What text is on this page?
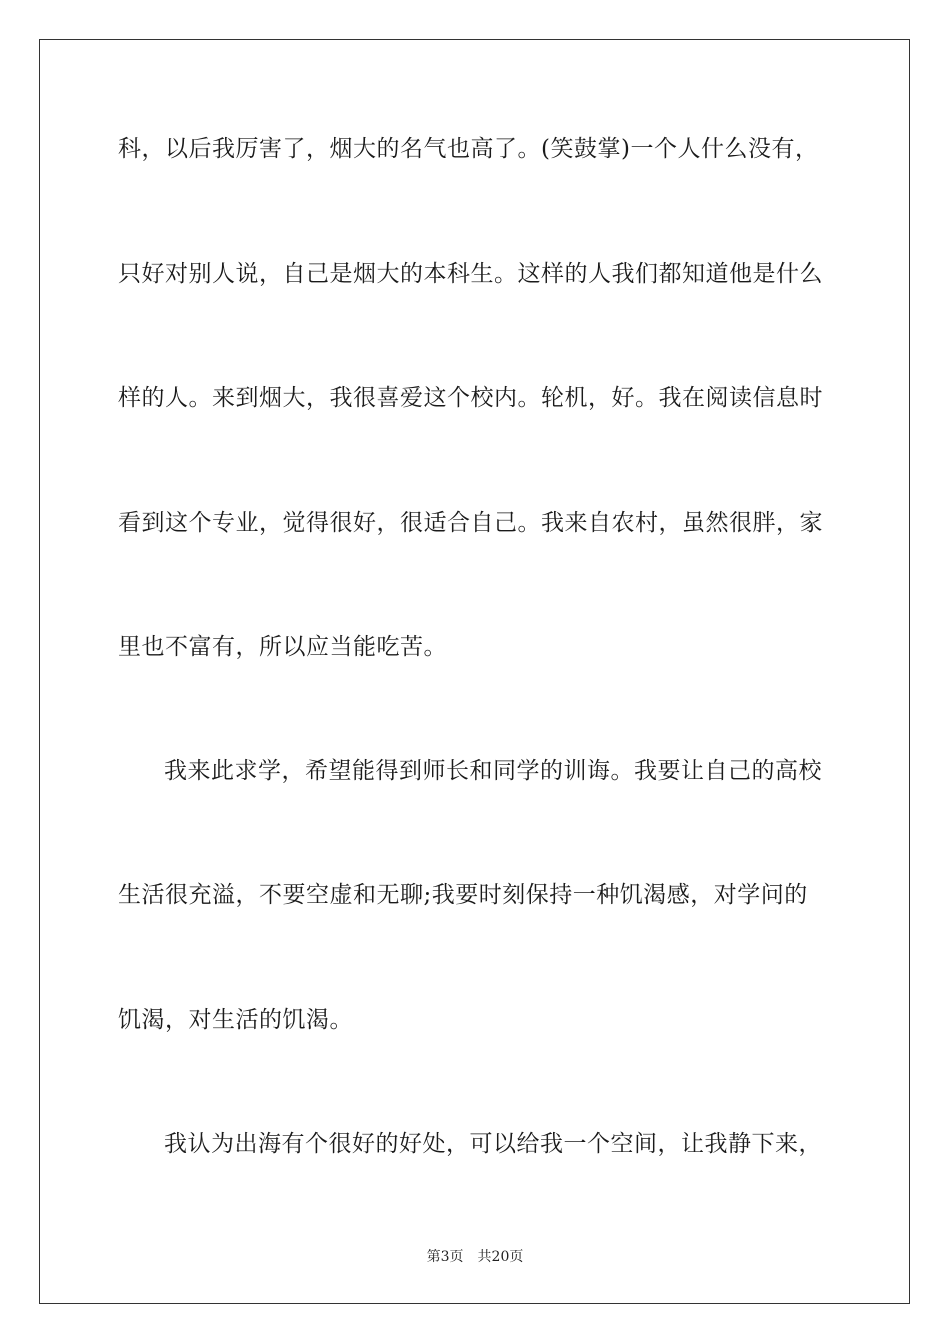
科，以后我厉害了，烟大的名气也高了。(笑鼓掌)一个人什么没有，
只好对别人说，自己是烟大的本科生。这样的人我们都知道他是什么
样的人。来到烟大，我很喜爱这个校内。轮机，好。我在阅读信息时
看到这个专业，觉得很好，很适合自己。我来自农村，虽然很胖，家
里也不富有，所以应当能吃苦。
我来此求学，希望能得到师长和同学的训诲。我要让自己的高校
生活很充溢，不要空虚和无聊;我要时刻保持一种饥渴感，对学问的
饥渴，对生活的饥渴。
我认为出海有个很好的好处，可以给我一个空间，让我静下来，
第3页 共20页
